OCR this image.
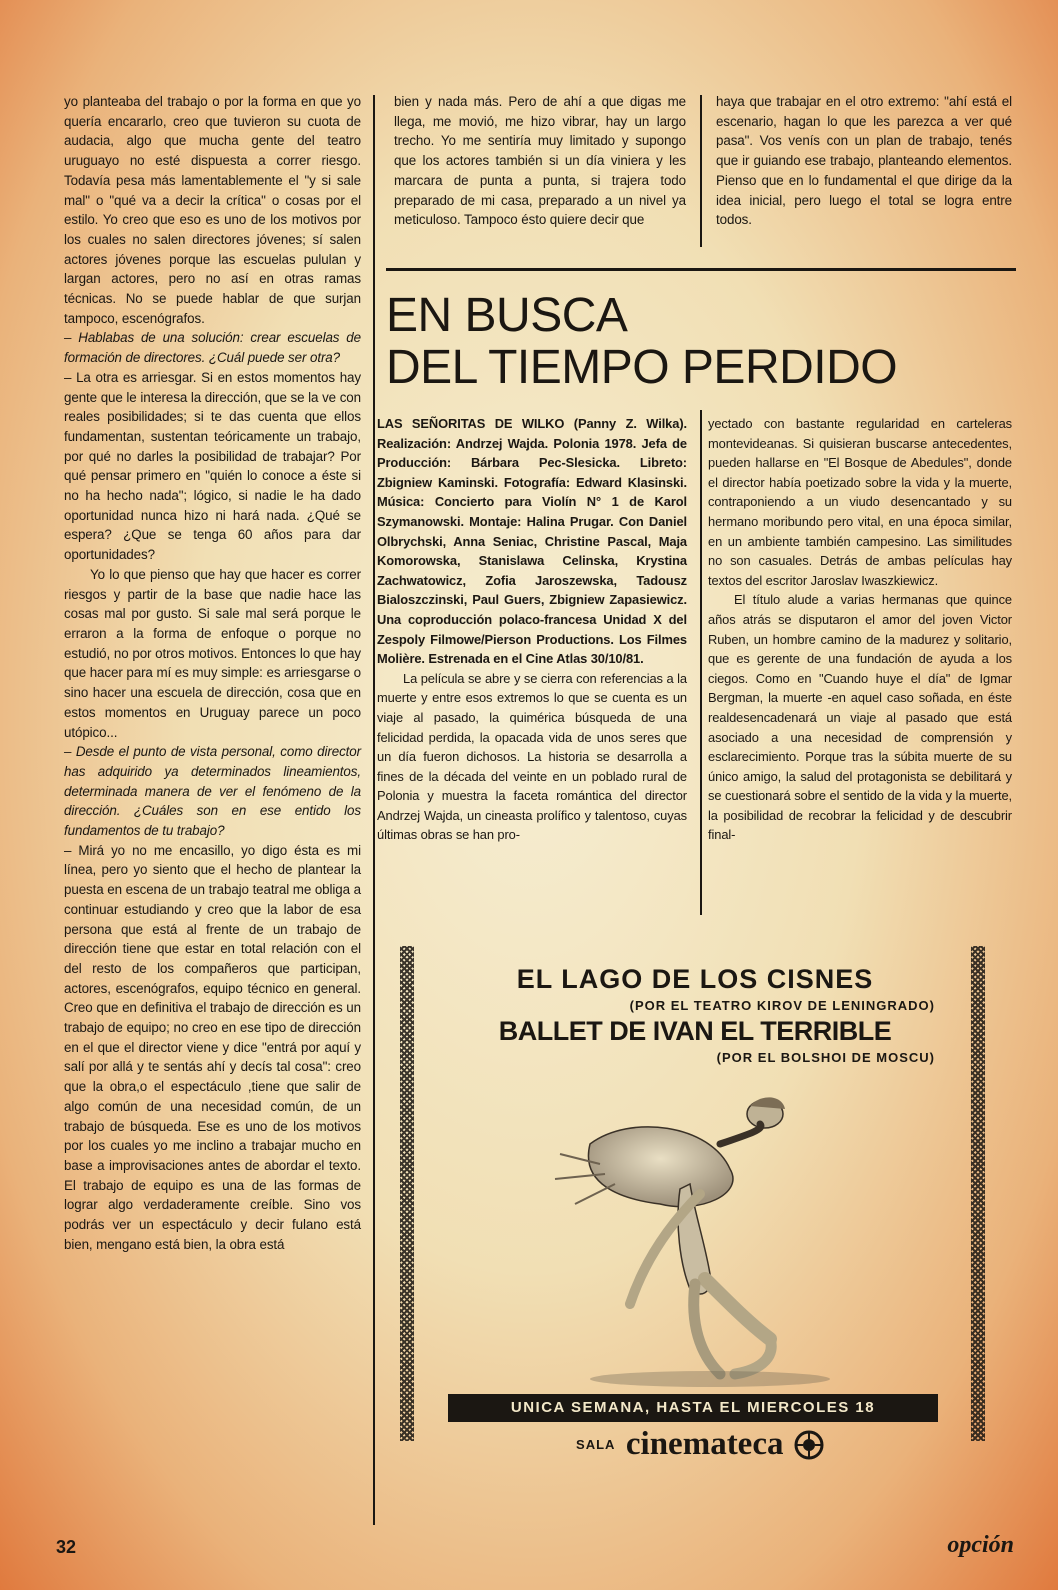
yo planteaba del trabajo o por la forma en que yo quería encararlo, creo que tuvieron su cuota de audacia, algo que mucha gente del teatro uruguayo no esté dispuesta a correr riesgo. Todavía pesa más lamentablemente el "y si sale mal" o "qué va a decir la crítica" o cosas por el estilo. Yo creo que eso es uno de los motivos por los cuales no salen directores jóvenes; sí salen actores jóvenes porque las escuelas pululan y largan actores, pero no así en otras ramas técnicas. No se puede hablar de que surjan tampoco, escenógrafos.

– Hablabas de una solución: crear escuelas de formación de directores. ¿Cuál puede ser otra?

– La otra es arriesgar. Si en estos momentos hay gente que le interesa la dirección, que se la ve con reales posibilidades; si te das cuenta que ellos fundamentan, sustentan teóricamente un trabajo, por qué no darles la posibilidad de trabajar? Por qué pensar primero en "quién lo conoce a éste si no ha hecho nada"; lógico, si nadie le ha dado oportunidad nunca hizo ni hará nada. ¿Qué se espera? ¿Que se tenga 60 años para dar oportunidades?

Yo lo que pienso que hay que hacer es correr riesgos y partir de la base que nadie hace las cosas mal por gusto. Si sale mal será porque le erraron a la forma de enfoque o porque no estudió, no por otros motivos. Entonces lo que hay que hacer para mí es muy simple: es arriesgarse o sino hacer una escuela de dirección, cosa que en estos momentos en Uruguay parece un poco utópico...

– Desde el punto de vista personal, como director has adquirido ya determinados lineamientos, determinada manera de ver el fenómeno de la dirección. ¿Cuáles son en ese entido los fundamentos de tu trabajo?

– Mirá yo no me encasillo, yo digo ésta es mi línea, pero yo siento que el hecho de plantear la puesta en escena de un trabajo teatral me obliga a continuar estudiando y creo que la labor de esa persona que está al frente de un trabajo de dirección tiene que estar en total relación con el del resto de los compañeros que participan, actores, escenógrafos, equipo técnico en general. Creo que en definitiva el trabajo de dirección es un trabajo de equipo; no creo en ese tipo de dirección en el que el director viene y dice "entrá por aquí y salí por allá y te sentás ahí y decís tal cosa": creo que la obra,o el espectáculo ,tiene que salir de algo común de una necesidad común, de un trabajo de búsqueda. Ese es uno de los motivos por los cuales yo me inclino a trabajar mucho en base a improvisaciones antes de abordar el texto. El trabajo de equipo es una de las formas de lograr algo verdaderamente creíble. Sino vos podrás ver un espectáculo y decir fulano está bien, mengano está bien, la obra está

bien y nada más. Pero de ahí a que digas me llega, me movió, me hizo vibrar, hay un largo trecho. Yo me sentiría muy limitado y supongo que los actores también si un día viniera y les marcara de punta a punta, si trajera todo preparado de mi casa, preparado a un nivel ya meticuloso. Tampoco ésto quiere decir que

haya que trabajar en el otro extremo: "ahí está el escenario, hagan lo que les parezca a ver qué pasa". Vos venís con un plan de trabajo, tenés que ir guiando ese trabajo, planteando elementos. Pienso que en lo fundamental el que dirige da la idea inicial, pero luego el total se logra entre todos.

EN BUSCA
DEL TIEMPO PERDIDO

LAS SEÑORITAS DE WILKO (Panny Z. Wilka). Realización: Andrzej Wajda. Polonia 1978. Jefa de Producción: Bárbara Pec-Slesicka. Libreto: Zbigniew Kaminski. Fotografía: Edward Klasinski. Música: Concierto para Violín N° 1 de Karol Szymanowski. Montaje: Halina Prugar. Con Daniel Olbrychski, Anna Seniac, Christine Pascal, Maja Komorowska, Stanislawa Celinska, Krystina Zachwatowicz, Zofia Jaroszewska, Tadousz Bialoszczinski, Paul Guers, Zbigniew Zapasiewicz. Una coproducción polaco-francesa Unidad X del Zespoly Filmowe/Pierson Productions. Los Filmes Molière. Estrenada en el Cine Atlas 30/10/81.

La película se abre y se cierra con referencias a la muerte y entre esos extremos lo que se cuenta es un viaje al pasado, la quimérica búsqueda de una felicidad perdida, la opacada vida de unos seres que un día fueron dichosos. La historia se desarrolla a fines de la década del veinte en un poblado rural de Polonia y muestra la faceta romántica del director Andrzej Wajda, un cineasta prolífico y talentoso, cuyas últimas obras se han pro-

yectado con bastante regularidad en carteleras montevideanas. Si quisieran buscarse antecedentes, pueden hallarse en "El Bosque de Abedules", donde el director había poetizado sobre la vida y la muerte, contraponiendo a un viudo desencantado y su hermano moribundo pero vital, en una época similar, en un ambiente también campesino. Las similitudes no son casuales. Detrás de ambas películas hay textos del escritor Jaroslav Iwaszkiewicz.

El título alude a varias hermanas que quince años atrás se disputaron el amor del joven Victor Ruben, un hombre camino de la madurez y solitario, que es gerente de una fundación de ayuda a los ciegos. Como en "Cuando huye el día" de Igmar Bergman, la muerte -en aquel caso soñada, en éste realdesencadenará un viaje al pasado que está asociado a una necesidad de comprensión y esclarecimiento. Porque tras la súbita muerte de su único amigo, la salud del protagonista se debilitará y se cuestionará sobre el sentido de la vida y la muerte, la posibilidad de recobrar la felicidad y de descubrir final-

EL LAGO DE LOS CISNES
(POR EL TEATRO KIROV DE LENINGRADO)
BALLET DE IVAN EL TERRIBLE
(POR EL BOLSHOI DE MOSCU)
UNICA SEMANA, HASTA EL MIERCOLES 18
SALA cinemateca
32	opción
